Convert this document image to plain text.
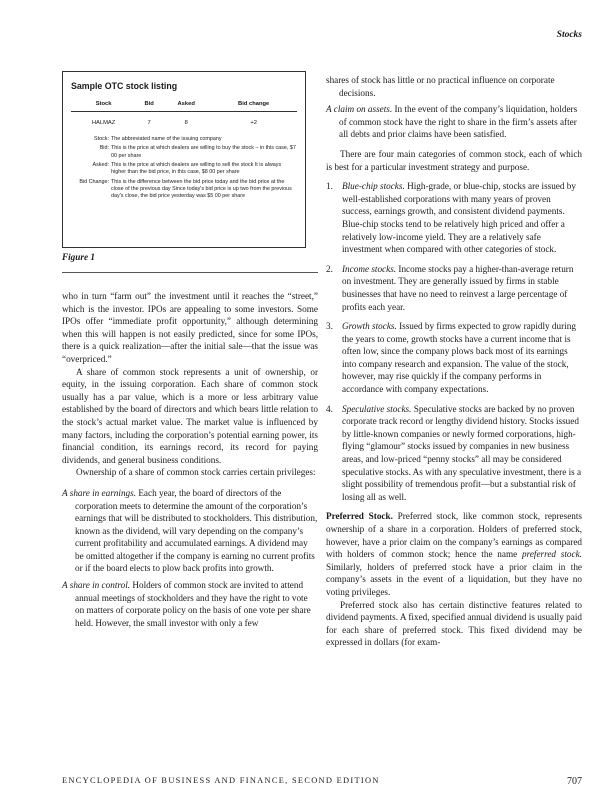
Stocks
Sample OTC stock listing
Stock	Bid	Asked	Bid change
HALMAZ	7	8	+2
Stock: The abbreviated name of the issuing company
Bid: This is the price at which dealers are willing to buy the stock – in this case, $7 00 per share
Asked: This is the price at which dealers are willing to sell the stock It is always higher than the bid price, in this case, $8 00 per share
Bid Change: This is the difference between the bid price today and the bid price at the close of the previous day Since today's bid price is up two from the previous day's close, the bid price yesterday was $5 00 per share
Figure 1

who in turn “farm out” the investment until it reaches the “street,” which is the investor. IPOs are appealing to some investors. Some IPOs offer “immediate profit opportunity,” although determining when this will happen is not easily predicted, since for some IPOs, there is a quick realization—after the initial sale—that the issue was “overpriced.”

A share of common stock represents a unit of ownership, or equity, in the issuing corporation. Each share of common stock usually has a par value, which is a more or less arbitrary value established by the board of directors and which bears little relation to the stock’s actual market value. The market value is influenced by many factors, including the corporation’s potential earning power, its financial condition, its earnings record, its record for paying dividends, and general business conditions.

Ownership of a share of common stock carries certain privileges:

A share in earnings. Each year, the board of directors of the corporation meets to determine the amount of the corporation’s earnings that will be distributed to stockholders. This distribution, known as the dividend, will vary depending on the company’s current profitability and accumulated earnings. A dividend may be omitted altogether if the company is earning no current profits or if the board elects to plow back profits into growth.

A share in control. Holders of common stock are invited to attend annual meetings of stockholders and they have the right to vote on matters of corporate policy on the basis of one vote per share held. However, the small investor with only a few

shares of stock has little or no practical influence on corporate decisions.

A claim on assets. In the event of the company’s liquidation, holders of common stock have the right to share in the firm’s assets after all debts and prior claims have been satisfied.

There are four main categories of common stock, each of which is best for a particular investment strategy and purpose.

1. Blue-chip stocks. High-grade, or blue-chip, stocks are issued by well-established corporations with many years of proven success, earnings growth, and consistent dividend payments. Blue-chip stocks tend to be relatively high priced and offer a relatively low-income yield. They are a relatively safe investment when compared with other categories of stock.
2. Income stocks. Income stocks pay a higher-than-average return on investment. They are generally issued by firms in stable businesses that have no need to reinvest a large percentage of profits each year.
3. Growth stocks. Issued by firms expected to grow rapidly during the years to come, growth stocks have a current income that is often low, since the company plows back most of its earnings into company research and expansion. The value of the stock, however, may rise quickly if the company performs in accordance with company expectations.
4. Speculative stocks. Speculative stocks are backed by no proven corporate track record or lengthy dividend history. Stocks issued by little-known companies or newly formed corporations, high-flying “glamour” stocks issued by companies in new business areas, and low-priced “penny stocks” all may be considered speculative stocks. As with any speculative investment, there is a slight possibility of tremendous profit—but a substantial risk of losing all as well.

Preferred Stock. Preferred stock, like common stock, represents ownership of a share in a corporation. Holders of preferred stock, however, have a prior claim on the company’s earnings as compared with holders of common stock; hence the name preferred stock. Similarly, holders of preferred stock have a prior claim in the company’s assets in the event of a liquidation, but they have no voting privileges.

Preferred stock also has certain distinctive features related to dividend payments. A fixed, specified annual dividend is usually paid for each share of preferred stock. This fixed dividend may be expressed in dollars (for exam-

ENCYCLOPEDIA OF BUSINESS AND FINANCE, SECOND EDITION	707
